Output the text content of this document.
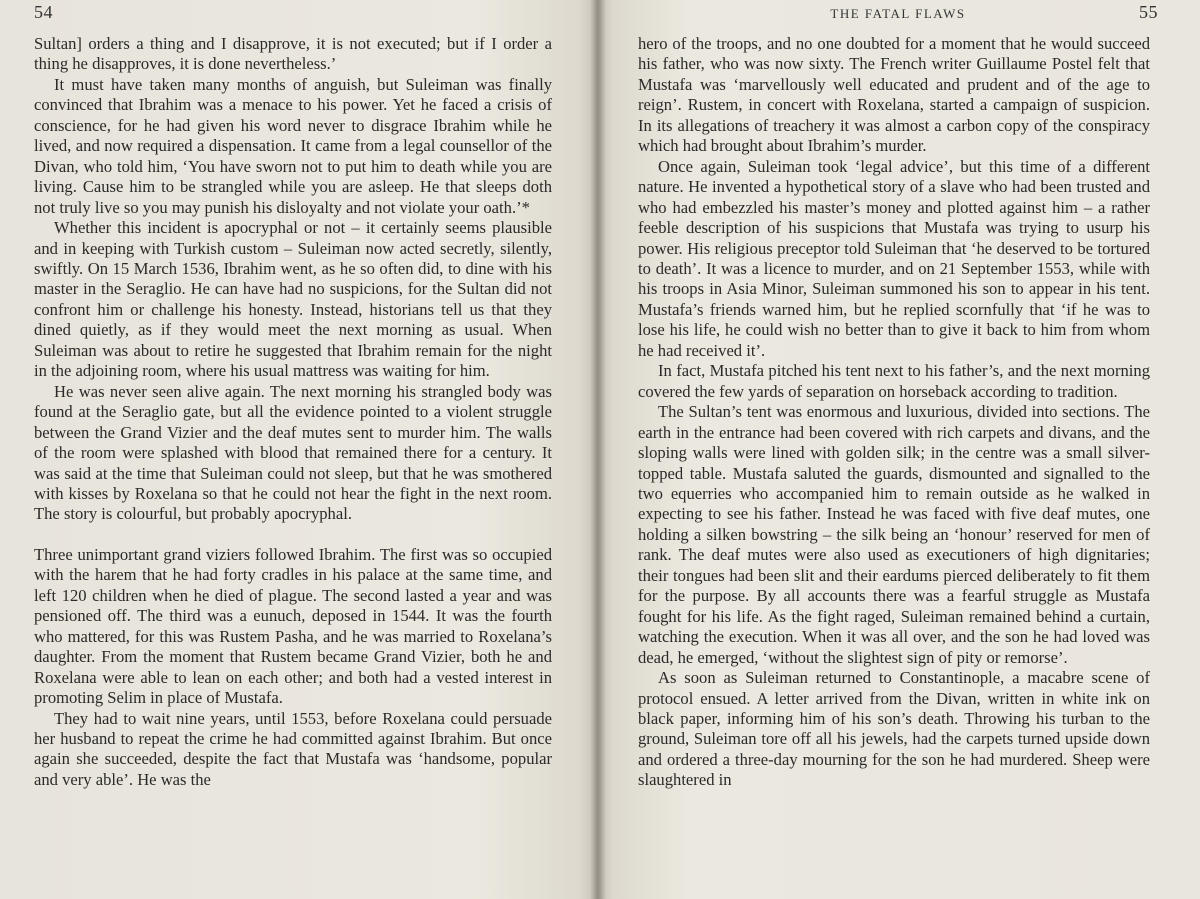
54

Sultan] orders a thing and I disapprove, it is not executed; but if I order a thing he disapproves, it is done nevertheless.’

It must have taken many months of anguish, but Suleiman was finally convinced that Ibrahim was a menace to his power. Yet he faced a crisis of conscience, for he had given his word never to disgrace Ibrahim while he lived, and now required a dispensation. It came from a legal counsellor of the Divan, who told him, ‘You have sworn not to put him to death while you are living. Cause him to be strangled while you are asleep. He that sleeps doth not truly live so you may punish his disloyalty and not violate your oath.’*

Whether this incident is apocryphal or not – it certainly seems plausible and in keeping with Turkish custom – Suleiman now acted secretly, silently, swiftly. On 15 March 1536, Ibrahim went, as he so often did, to dine with his master in the Seraglio. He can have had no suspicions, for the Sultan did not confront him or challenge his honesty. Instead, historians tell us that they dined quietly, as if they would meet the next morning as usual. When Suleiman was about to retire he suggested that Ibrahim remain for the night in the adjoining room, where his usual mattress was waiting for him.

He was never seen alive again. The next morning his strangled body was found at the Seraglio gate, but all the evidence pointed to a violent struggle between the Grand Vizier and the deaf mutes sent to murder him. The walls of the room were splashed with blood that remained there for a century. It was said at the time that Suleiman could not sleep, but that he was smothered with kisses by Roxelana so that he could not hear the fight in the next room. The story is colourful, but probably apocryphal.

Three unimportant grand viziers followed Ibrahim. The first was so occupied with the harem that he had forty cradles in his palace at the same time, and left 120 children when he died of plague. The second lasted a year and was pensioned off. The third was a eunuch, deposed in 1544. It was the fourth who mattered, for this was Rustem Pasha, and he was married to Roxelana’s daughter. From the moment that Rustem became Grand Vizier, both he and Roxelana were able to lean on each other; and both had a vested interest in promoting Selim in place of Mustafa.

They had to wait nine years, until 1553, before Roxelana could persuade her husband to repeat the crime he had committed against Ibrahim. But once again she succeeded, despite the fact that Mustafa was ‘handsome, popular and very able’. He was the

THE FATAL FLAWS	55

hero of the troops, and no one doubted for a moment that he would succeed his father, who was now sixty. The French writer Guillaume Postel felt that Mustafa was ‘marvellously well educated and prudent and of the age to reign’. Rustem, in concert with Roxelana, started a campaign of suspicion. In its allegations of treachery it was almost a carbon copy of the conspiracy which had brought about Ibrahim’s murder.

Once again, Suleiman took ‘legal advice’, but this time of a different nature. He invented a hypothetical story of a slave who had been trusted and who had embezzled his master’s money and plotted against him – a rather feeble description of his suspicions that Mustafa was trying to usurp his power. His religious preceptor told Suleiman that ‘he deserved to be tortured to death’. It was a licence to murder, and on 21 September 1553, while with his troops in Asia Minor, Suleiman summoned his son to appear in his tent. Mustafa’s friends warned him, but he replied scornfully that ‘if he was to lose his life, he could wish no better than to give it back to him from whom he had received it’.

In fact, Mustafa pitched his tent next to his father’s, and the next morning covered the few yards of separation on horseback according to tradition.

The Sultan’s tent was enormous and luxurious, divided into sections. The earth in the entrance had been covered with rich carpets and divans, and the sloping walls were lined with golden silk; in the centre was a small silver-topped table. Mustafa saluted the guards, dismounted and signalled to the two equerries who accompanied him to remain outside as he walked in expecting to see his father. Instead he was faced with five deaf mutes, one holding a silken bowstring – the silk being an ‘honour’ reserved for men of rank. The deaf mutes were also used as executioners of high dignitaries; their tongues had been slit and their eardums pierced deliberately to fit them for the purpose. By all accounts there was a fearful struggle as Mustafa fought for his life. As the fight raged, Suleiman remained behind a curtain, watching the execution. When it was all over, and the son he had loved was dead, he emerged, ‘without the slightest sign of pity or remorse’.

As soon as Suleiman returned to Constantinople, a macabre scene of protocol ensued. A letter arrived from the Divan, written in white ink on black paper, informing him of his son’s death. Throwing his turban to the ground, Suleiman tore off all his jewels, had the carpets turned upside down and ordered a three-day mourning for the son he had murdered. Sheep were slaughtered in
